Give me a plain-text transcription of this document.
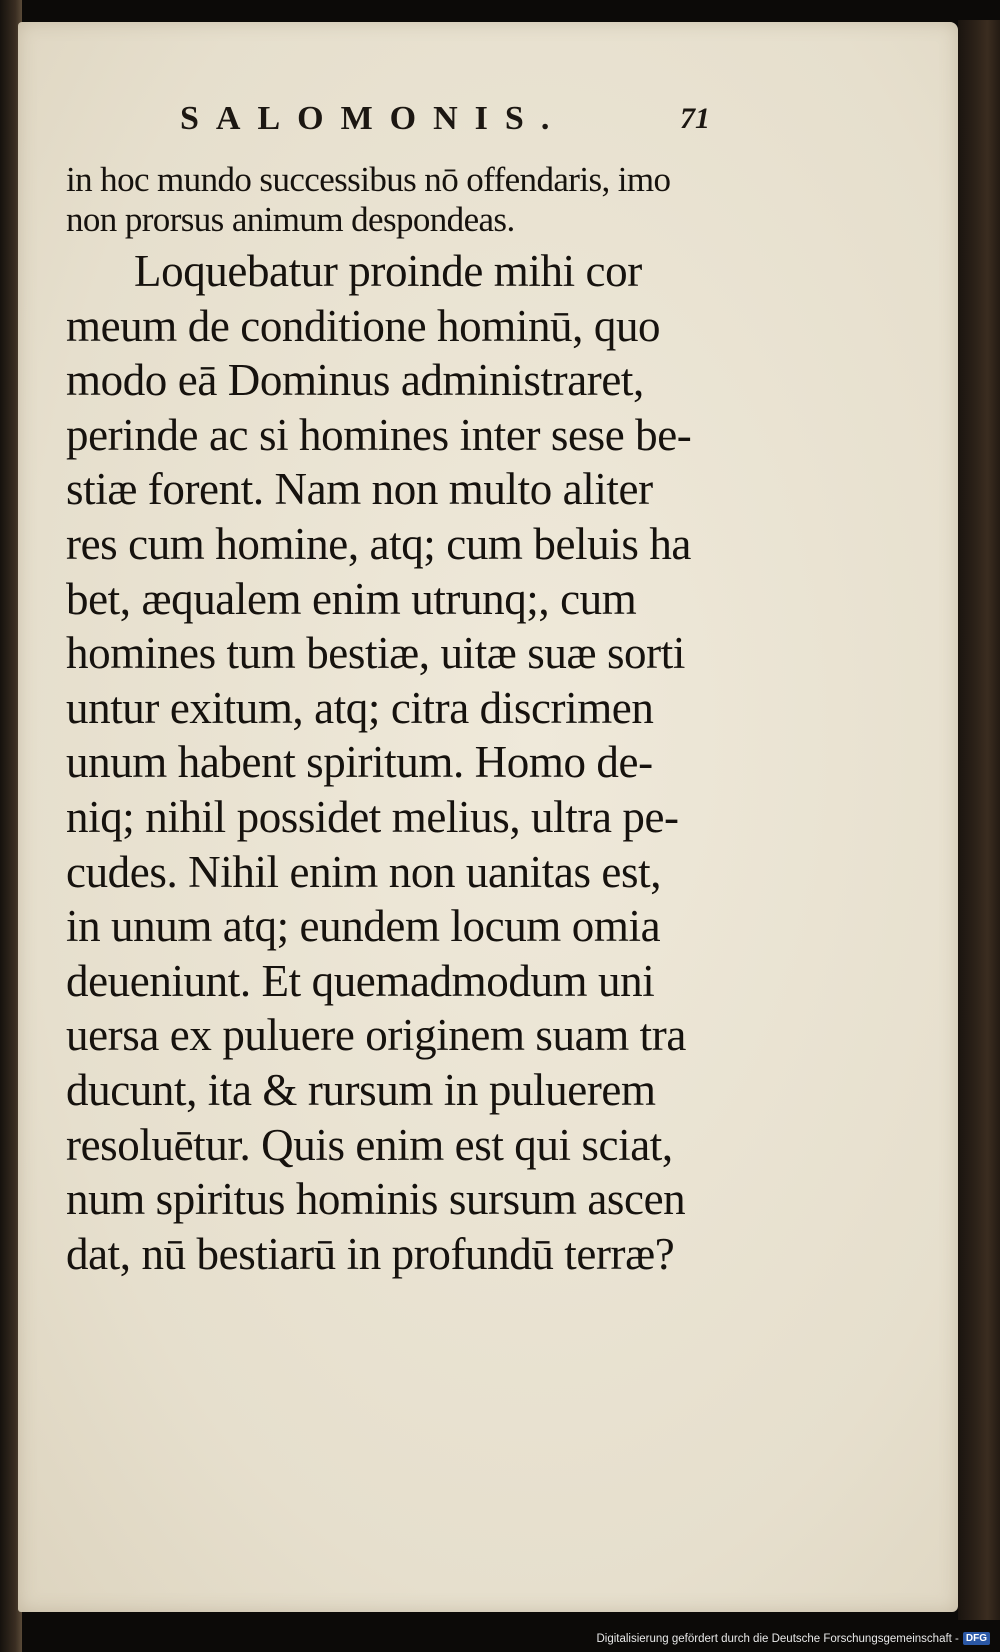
SALOMONIS.	71
in hoc mundo successibus nō offendaris, imo
non prorsus animum despondeas.
Loquebatur proinde mihi cor
meum de conditione hominū, quo
modo eā Dominus administraret,
perinde ac si homines inter sese be-
stiæ forent. Nam non multo aliter
res cum homine, atq; cum beluis ha
bet, æqualem enim utrunq;, cum
homines tum bestiæ, uitæ suæ sorti
untur exitum, atq; citra discrimen
unum habent spiritum. Homo de-
niq; nihil possidet melius, ultra pe-
cudes. Nihil enim non uanitas est,
in unum atq; eundem locum omia
deueniunt. Et quemadmodum uni
uersa ex puluere originem suam tra
ducunt, ita & rursum in puluerem
resoluētur. Quis enim est qui sciat,
num spiritus hominis sursum ascen
dat, nū bestiarū in profundū terræ?
Digitalisierung gefördert durch die Deutsche Forschungsgemeinschaft - DFG
